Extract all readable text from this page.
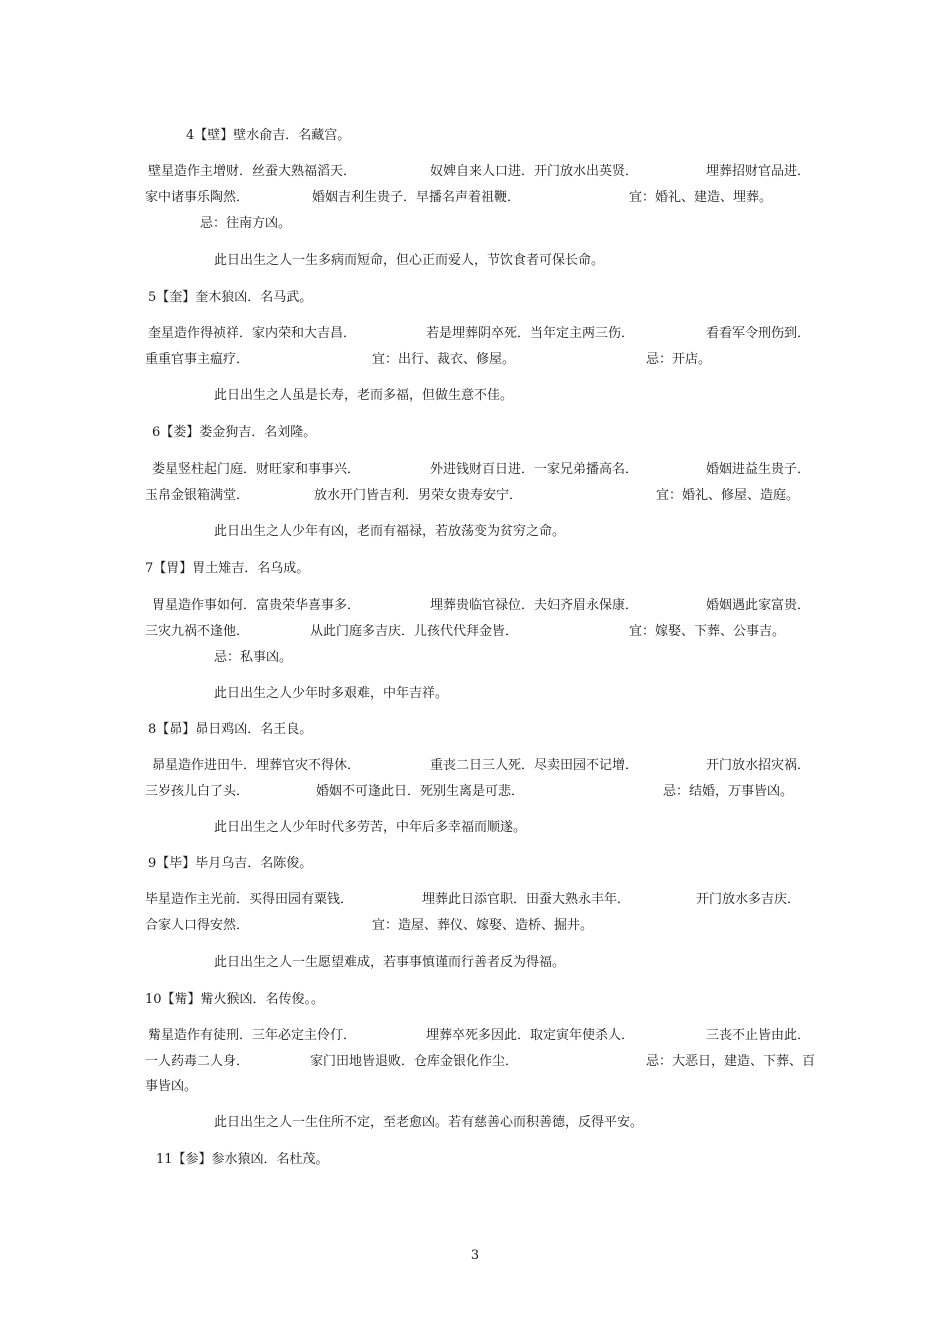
4【壁】壁水俞吉．名藏宫。
壁星造作主增财．丝蚕大熟福滔天．	奴婢自来人口进．开门放水出英贤．	埋葬招财官品进．
家中诸事乐陶然．	婚姻吉利生贵子．早播名声着祖鞭．	宜：婚礼、建造、埋葬。
忌：往南方凶。
此日出生之人一生多病而短命，但心正而爱人，节饮食者可保长命。
5【奎】奎木狼凶．名马武。
奎星造作得祯祥．家内荣和大吉昌．	若是埋葬阴卒死．当年定主两三伤．	看看军令刑伤到．
重重官事主瘟疗．	宜：出行、裁衣、修屋。	忌：开店。
此日出生之人虽是长寿，老而多福，但做生意不佳。
6【娄】娄金狗吉．名刘隆。
娄星竖柱起门庭．财旺家和事事兴．	外进钱财百日进．一家兄弟播高名．	婚姻进益生贵子．
玉帛金银箱满堂．	放水开门皆吉利．男荣女贵寿安宁．	宜：婚礼、修屋、造庭。
此日出生之人少年有凶，老而有福禄，若放荡变为贫穷之命。
7【胃】胃土雉吉．名乌成。
胃星造作事如何．富贵荣华喜事多．	埋葬贵临官禄位．夫妇齐眉永保康．	婚姻遇此家富贵．
三灾九祸不逢他．	从此门庭多吉庆．儿孩代代拜金皆．	宜：嫁娶、下葬、公事吉。
忌：私事凶。
此日出生之人少年时多艰难，中年吉祥。
8【昴】昴日鸡凶．名王良。
昴星造作进田牛．埋葬官灾不得休．	重丧二日三人死．尽卖田园不记增．	开门放水招灾祸．
三岁孩儿白了头．	婚姻不可逢此日．死别生离是可悲．	忌：结婚，万事皆凶。
此日出生之人少年时代多劳苦，中年后多幸福而顺遂。
9【毕】毕月乌吉．名陈俊。
毕星造作主光前．买得田园有粟钱．	埋葬此日添官职．田蚕大熟永丰年．	开门放水多吉庆．
合家人口得安然．	宜：造屋、葬仪、嫁娶、造桥、掘井。
此日出生之人一生愿望难成，若事事慎谨而行善者反为得福。
10【觜】觜火猴凶．名传俊。。
觜星造作有徒刑．三年必定主伶仃．	埋葬卒死多因此．取定寅年使杀人．	三丧不止皆由此．
一人药毒二人身．	家门田地皆退败．仓库金银化作尘．	忌：大恶日，建造、下葬、百
事皆凶。
此日出生之人一生住所不定，至老愈凶。若有慈善心而积善德，反得平安。
11【参】参水猿凶．名杜茂。
3
